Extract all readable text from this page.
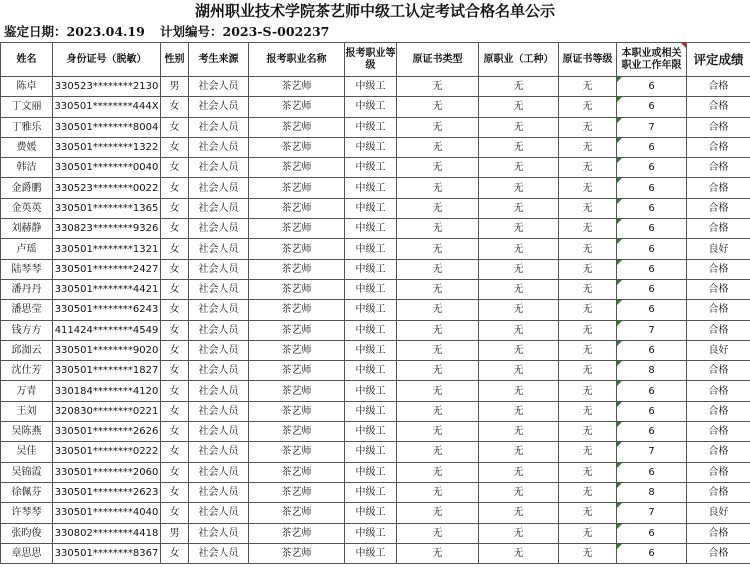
湖州职业技术学院茶艺师中级工认定考试合格名单公示
鉴定日期：2023.04.19 计划编号：2023-S-002237
姓名	身份证号（脱敏）	性别	考生来源	报考职业名称	报考职业等级	原证书类型	原职业（工种）	原证书等级	本职业或相关职业工作年限	评定成绩
陈卓	330523********2130	男	社会人员	茶艺师	中级工	无	无	无	6	合格
丁文丽	330501********444X	女	社会人员	茶艺师	中级工	无	无	无	6	合格
丁雅乐	330501********8004	女	社会人员	茶艺师	中级工	无	无	无	7	合格
费媛	330501********1322	女	社会人员	茶艺师	中级工	无	无	无	6	合格
韩洁	330501********0040	女	社会人员	茶艺师	中级工	无	无	无	6	合格
金爵鹏	330523********0022	女	社会人员	茶艺师	中级工	无	无	无	6	合格
金英英	330501********1365	女	社会人员	茶艺师	中级工	无	无	无	6	合格
刘赫静	330823********9326	女	社会人员	茶艺师	中级工	无	无	无	6	合格
卢瑶	330501********1321	女	社会人员	茶艺师	中级工	无	无	无	6	良好
陆琴琴	330501********2427	女	社会人员	茶艺师	中级工	无	无	无	6	合格
潘丹丹	330501********4421	女	社会人员	茶艺师	中级工	无	无	无	6	合格
潘思莹	330501********6243	女	社会人员	茶艺师	中级工	无	无	无	6	合格
钱方方	411424********4549	女	社会人员	茶艺师	中级工	无	无	无	7	合格
邱洳云	330501********9020	女	社会人员	茶艺师	中级工	无	无	无	6	良好
沈仕芳	330501********1827	女	社会人员	茶艺师	中级工	无	无	无	8	合格
万青	330184********4120	女	社会人员	茶艺师	中级工	无	无	无	6	合格
王刘	320830********0221	女	社会人员	茶艺师	中级工	无	无	无	6	合格
吴陈燕	330501********2626	女	社会人员	茶艺师	中级工	无	无	无	6	合格
吴佳	330501********0222	女	社会人员	茶艺师	中级工	无	无	无	7	合格
吴锦霞	330501********2060	女	社会人员	茶艺师	中级工	无	无	无	6	合格
徐佩芬	330501********2623	女	社会人员	茶艺师	中级工	无	无	无	8	合格
许琴琴	330501********4040	女	社会人员	茶艺师	中级工	无	无	无	7	良好
张昀俊	330802********4418	男	社会人员	茶艺师	中级工	无	无	无	6	合格
章思思	330501********8367	女	社会人员	茶艺师	中级工	无	无	无	6	合格
